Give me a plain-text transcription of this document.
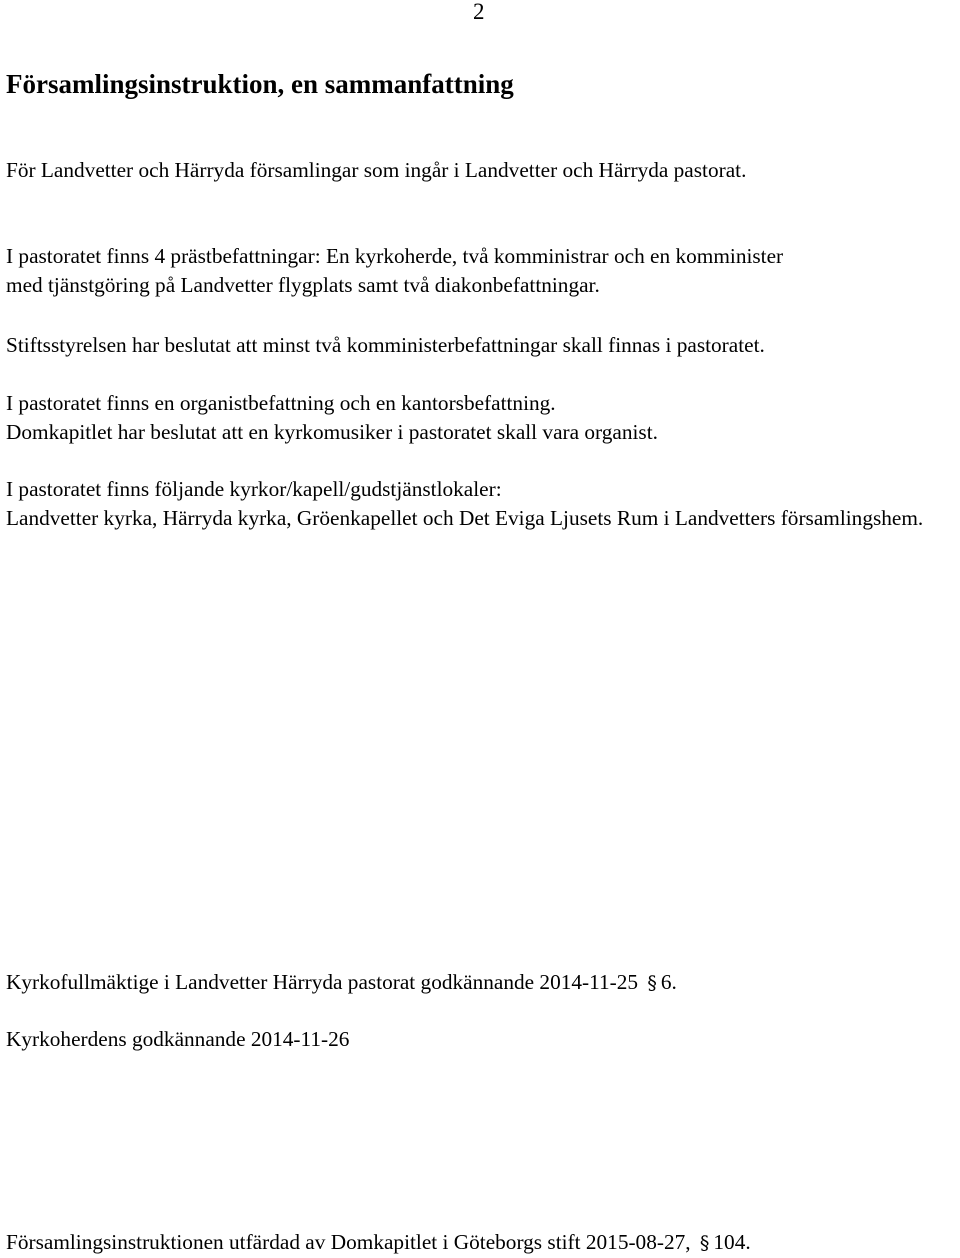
2
Församlingsinstruktion, en sammanfattning

För Landvetter och Härryda församlingar som ingår i Landvetter och Härryda pastorat.

I pastoratet finns 4 prästbefattningar: En kyrkoherde, två komministrar och en komminister
med tjänstgöring på Landvetter flygplats samt två diakonbefattningar.

Stiftsstyrelsen har beslutat att minst två komministerbefattningar skall finnas i pastoratet.

I pastoratet finns en organistbefattning och en kantorsbefattning.
Domkapitlet har beslutat att en kyrkomusiker i pastoratet skall vara organist.

I pastoratet finns följande kyrkor/kapell/gudstjänstlokaler:

Landvetter kyrka, Härryda kyrka, Gröenkapellet och Det Eviga Ljusets Rum i Landvetters församlingshem.

Kyrkofullmäktige i Landvetter Härryda pastorat godkännande 2014-11-25 § 6.

Kyrkoherdens godkännande 2014-11-26

Församlingsinstruktionen utfärdad av Domkapitlet i Göteborgs stift 2015-08-27, § 104.
